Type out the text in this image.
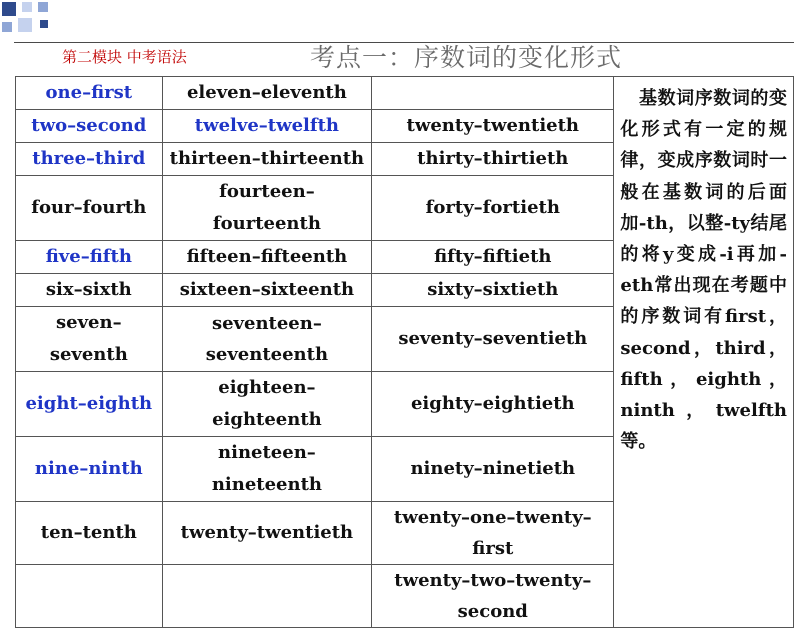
第二模块 中考语法	考点一：序数词的变化形式
one–first	eleven–eleventh		　基数词序数词的变化形式有一定的规律，变成序数词时一般在基数词的后面加-th，以整-ty结尾的将y变成-i再加-eth常出现在考题中的序数词有first，second，third，fifth，eighth，ninth，twelfth等。

two–second	twelve–twelfth	twenty–twentieth	
three–third	thirteen–thirteenth	thirty–thirtieth	
four–fourth	fourteen–fourteenth	forty–fortieth	
five–fifth	fifteen–fifteenth	fifty–fiftieth	
six–sixth	sixteen–sixteenth	sixty–sixtieth	
seven–seventh	seventeen–seventeenth	seventy–seventieth	
eight–eighth	eighteen–eighteenth	eighty–eightieth	
nine–ninth	nineteen–nineteenth	ninety–ninetieth	
ten–tenth	twenty–twentieth	twenty–one–twenty–first	
		twenty–two–twenty–second	
